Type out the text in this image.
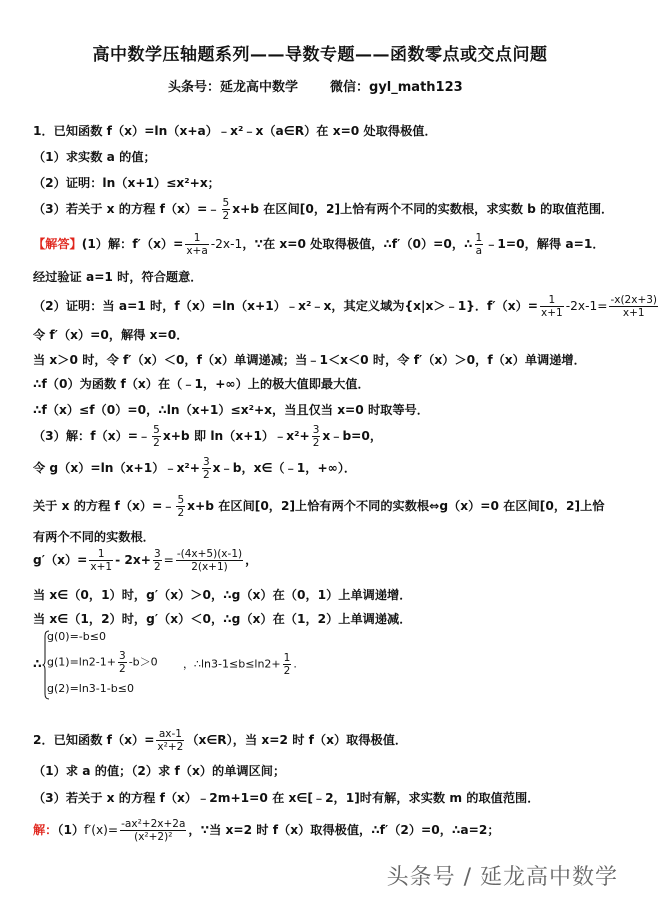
高中数学压轴题系列——导数专题——函数零点或交点问题
头条号：延龙高中数学 微信：gyl_math123
1．已知函数 f（x）=ln（x+a）﹣x²﹣x（a∈R）在 x=0 处取得极值．
（1）求实数 a 的值；
（2）证明：ln（x+1）≤x²+x；
（3）若关于 x 的方程 f（x）=﹣ $\frac{5}{2} x+b$ 在区间[0，2]上恰有两个不同的实数根，求实数 b 的取值范围．
【解答】(1）解：$f'(x)= \frac{1}{x+a} -2x-1$，∵在 x=0 处取得极值，∴f′（0）=0，∴ $\frac{1}{a}$ ﹣1=0，解得 a=1．
经过验证 a=1 时，符合题意．
（2）证明：当 a=1 时，f（x）=ln（x+1）﹣x²﹣x，其定义域为{x|x＞﹣1}．$f'(x)= \frac{1}{x+1} -2x-1= \frac{-x(2x+3)}{x+1}$
令 f′（x）=0，解得 x=0．
当 x＞0 时，令 f′（x）＜0，f（x）单调递减；当﹣1＜x＜0 时，令 f′（x）＞0，f（x）单调递增．
∴f（0）为函数 f（x）在（﹣1，+∞）上的极大值即最大值．
∴f（x）≤f（0）=0，∴ln（x+1）≤x²+x，当且仅当 x=0 时取等号．
（3）解：f（x）=﹣ $\frac{5}{2} x+b$ 即 ln（x+1）﹣x²+ $\frac{3}{2}$ x﹣b=0，
令 g（x）=ln（x+1）﹣x²+ $\frac{3}{2}$ x﹣b，x∈（﹣1，+∞）．
关于 x 的方程 f（x）=﹣ $\frac{5}{2} x+b$ 在区间[0，2]上恰有两个不同的实数根⇔g（x）=0 在区间[0，2]上恰
有两个不同的实数根．
$g'(x)= \frac{1}{x+1} - 2x+ \frac{3}{2} = \frac{-(4x+5)(x-1)}{2(x+1)}$ ，
当 x∈（0，1）时，g′（x）＞0，∴g（x）在（0，1）上单调递增．
当 x∈（1，2）时，g′（x）＜0，∴g（x）在（1，2）上单调递减．
∴
g(0)=-b≤0
$g(1)=\ln 2-1+ \frac{3}{2} -b>0$
g(2)=ln3-1-b≤0
，∴ln3-1≤b≤ln2+ $\frac{1}{2}$ .
2．已知函数 $f(x)= \frac{ax-1}{\text{x²+2}}$ （x∈R），当 x=2 时 f（x）取得极值．
（1）求 a 的值；（2）求 f（x）的单调区间；
（3）若关于 x 的方程 f（x）﹣2m+1=0 在 x∈[﹣2，1]时有解，求实数 m 的取值范围．
解：$(1)f'(x)= \frac{\text{-ax²+2x+2a}}{\text{(x²+2)²}}$ ，∵当 x=2 时 f（x）取得极值，∴f′（2）=0，∴a=2；
头条号 / 延龙高中数学
